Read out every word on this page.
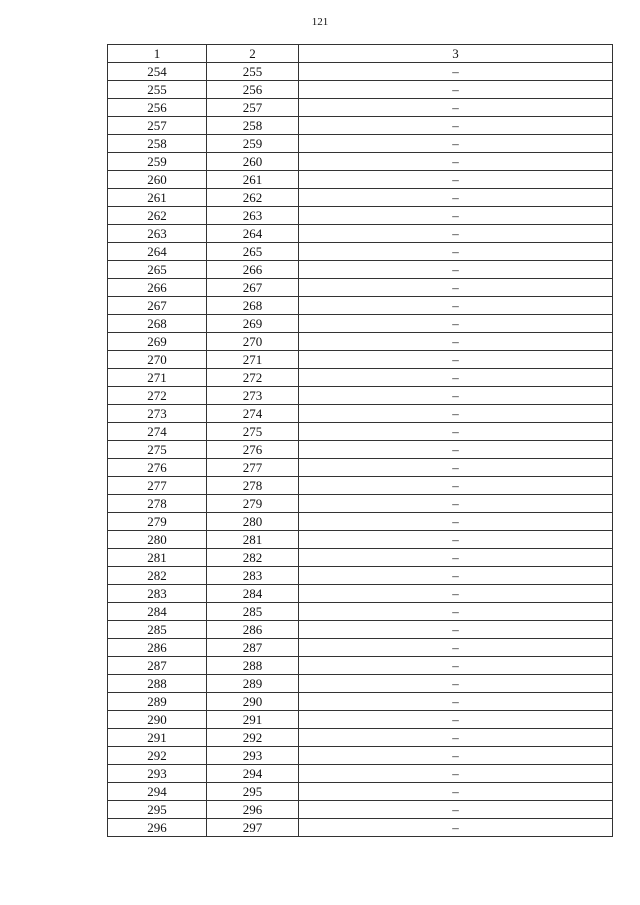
121
1	2	3
254	255	–
255	256	–
256	257	–
257	258	–
258	259	–
259	260	–
260	261	–
261	262	–
262	263	–
263	264	–
264	265	–
265	266	–
266	267	–
267	268	–
268	269	–
269	270	–
270	271	–
271	272	–
272	273	–
273	274	–
274	275	–
275	276	–
276	277	–
277	278	–
278	279	–
279	280	–
280	281	–
281	282	–
282	283	–
283	284	–
284	285	–
285	286	–
286	287	–
287	288	–
288	289	–
289	290	–
290	291	–
291	292	–
292	293	–
293	294	–
294	295	–
295	296	–
296	297	–
